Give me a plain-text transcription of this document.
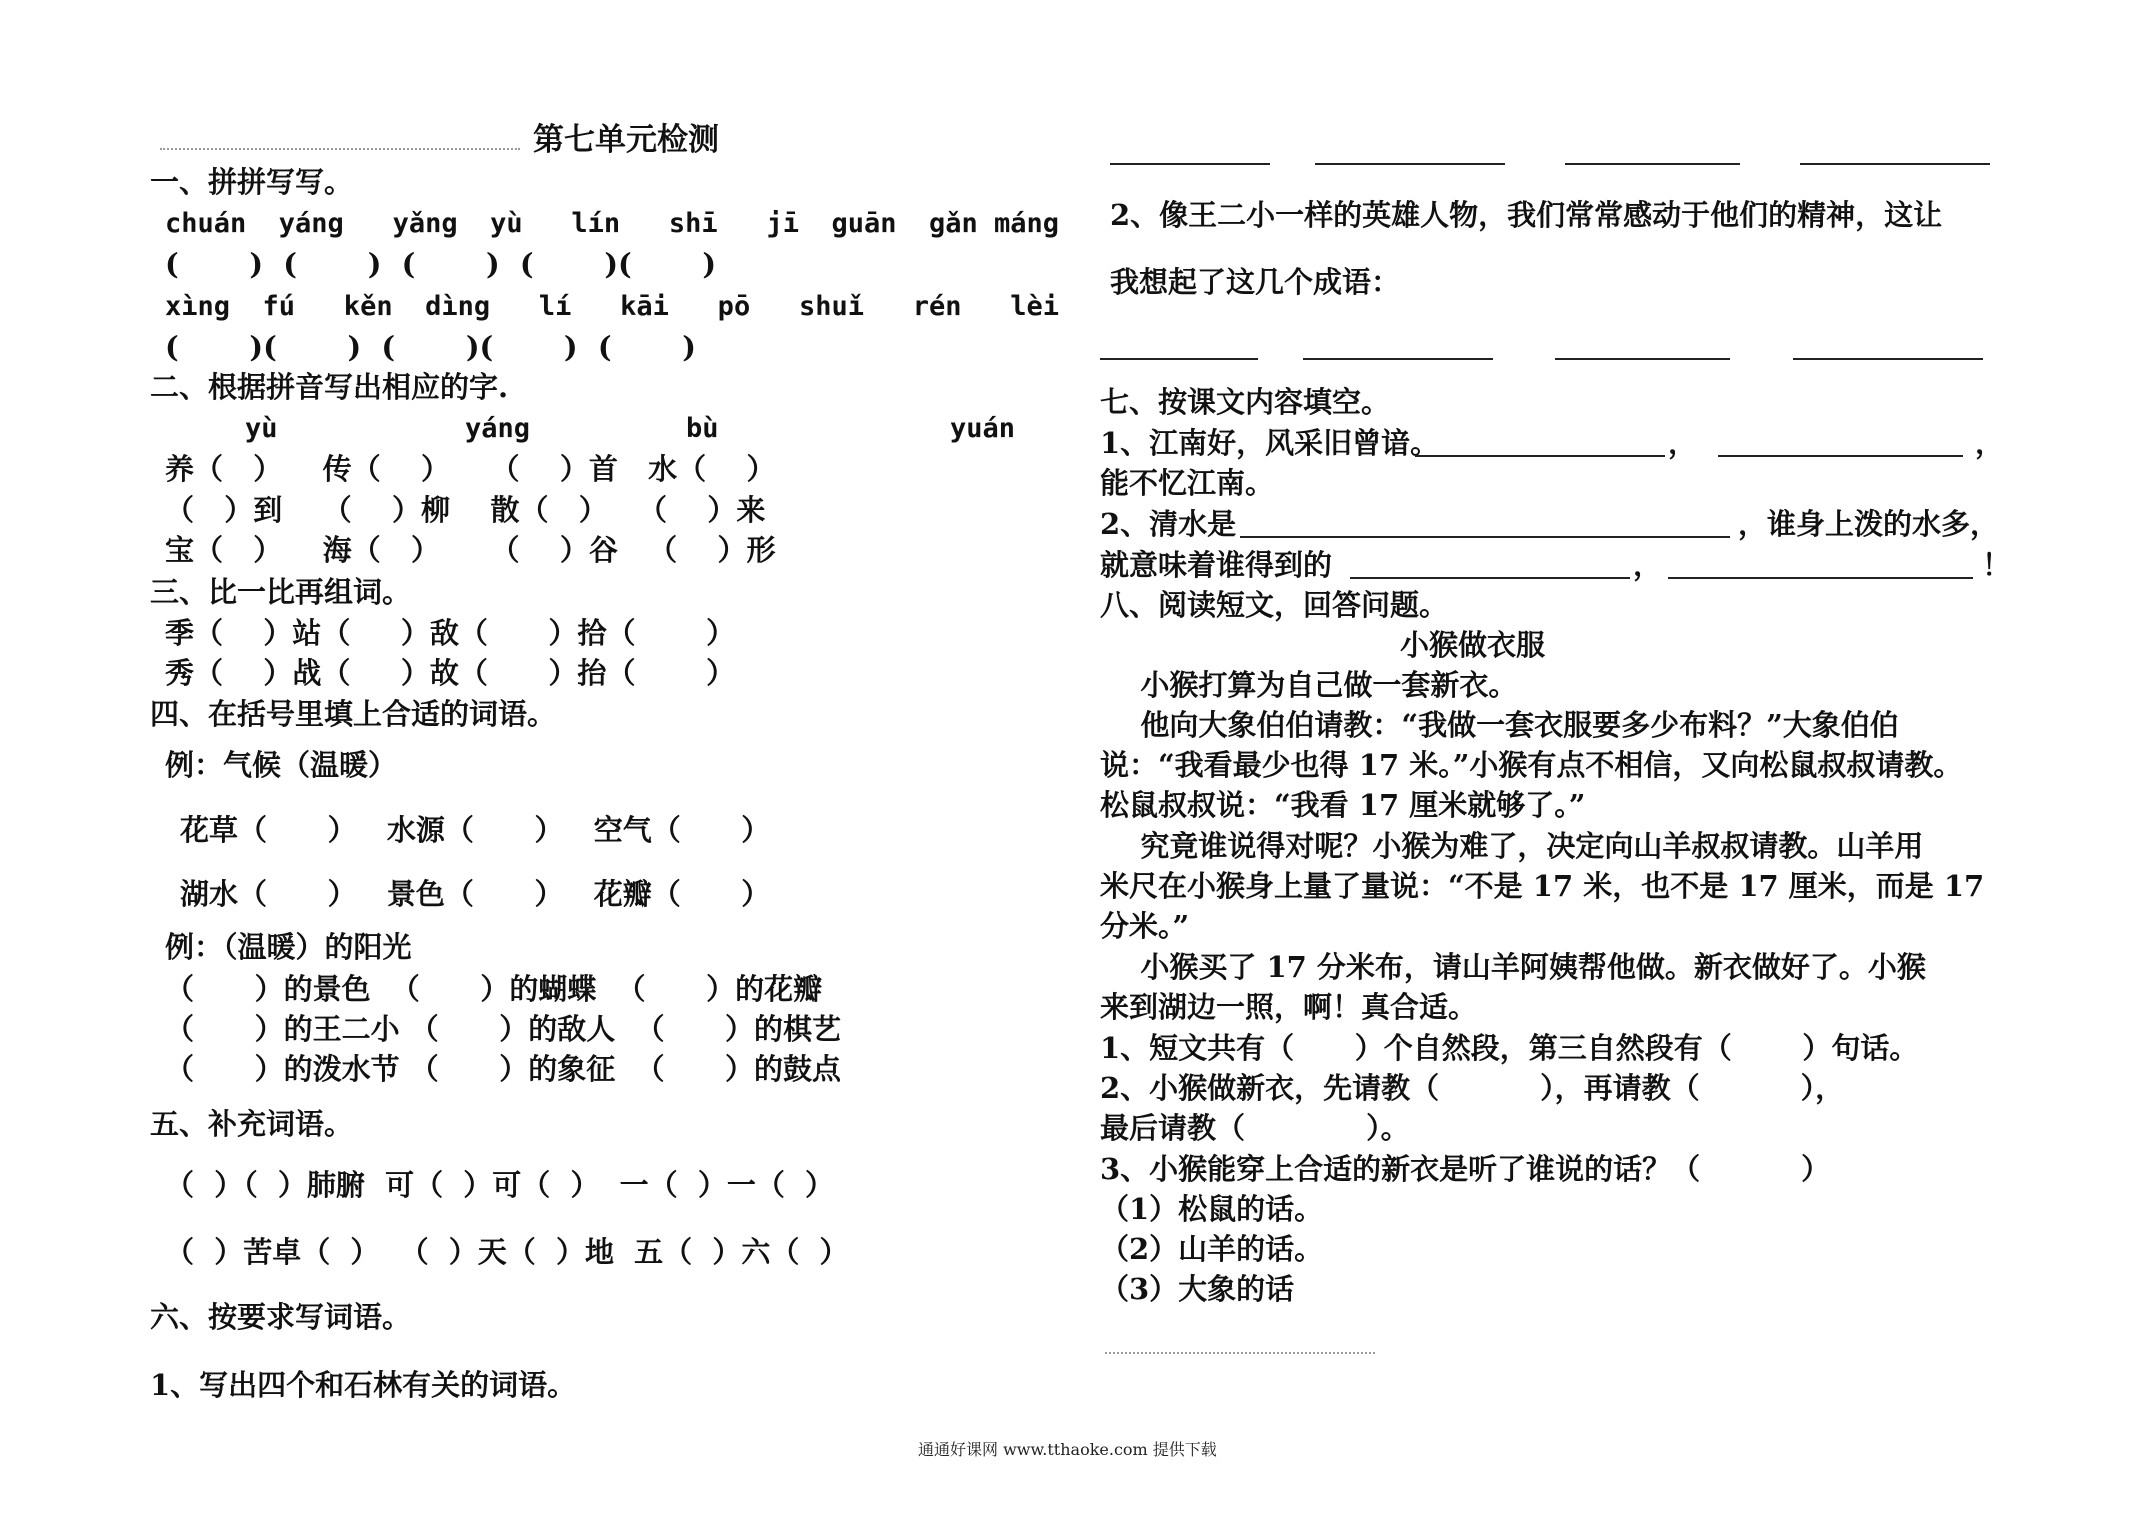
第七单元检测
一、拼拼写写。
chuán  yáng   yǎng  yù   lín   shī   jī  guān  gǎn máng
(       )  (       )  (       )  (       )(       )
xìng  fú   kěn  dìng   lí   kāi   pō   shuǐ   rén   lèi
(       )(       )  (       )(       )  (       )
二、根据拼音写出相应的字.
yù	yáng	bù	yuán
养（   ）    传（    ）    （    ）首   水（    ）
（   ）到    （    ）柳    散（   ）   （    ）来
宝（   ）    海（   ）     （    ）谷   （    ）形
三、比一比再组词。
季（    ）站（     ）敌（      ）拾（       ）
秀（    ）战（     ）故（      ）抬（       ）
四、在括号里填上合适的词语。
例：气候（温暖）
花草（      ）   水源（      ）   空气（      ）
湖水（      ）   景色（      ）   花瓣（      ）
例：（温暖）的阳光
（      ）的景色  （      ）的蝴蝶  （      ）的花瓣
（      ）的王二小 （      ）的敌人  （      ）的棋艺
（      ）的泼水节 （      ）的象征  （      ）的鼓点
五、补充词语。
（  ）（  ）肺腑  可（  ）可（  ）  一（  ）一（  ）
（  ）苦卓（  ）  （  ）天（  ）地  五（  ）六（  ）
六、按要求写词语。
1、写出四个和石林有关的词语。
2、像王二小一样的英雄人物，我们常常感动于他们的精神，这让
我想起了这几个成语：
七、按课文内容填空。
1、江南好，风采旧曾谙。	，	，
能不忆江南。
2、清水是	，谁身上泼的水多，
就意味着谁得到的	，	！
八、阅读短文，回答问题。
小猴做衣服
小猴打算为自己做一套新衣。
他向大象伯伯请教：“我做一套衣服要多少布料？”大象伯伯
说：“我看最少也得 17 米。”小猴有点不相信，又向松鼠叔叔请教。
松鼠叔叔说：“我看 17 厘米就够了。”
究竟谁说得对呢？小猴为难了，决定向山羊叔叔请教。山羊用
米尺在小猴身上量了量说：“不是 17 米，也不是 17 厘米，而是 17
分米。”
小猴买了 17 分米布，请山羊阿姨帮他做。新衣做好了。小猴
来到湖边一照，啊！真合适。
1、短文共有（      ）个自然段，第三自然段有（       ）句话。
2、小猴做新衣，先请教（          ），再请教（          ），
最后请教（            ）。
3、小猴能穿上合适的新衣是听了谁说的话？（          ）
（1）松鼠的话。
（2）山羊的话。
（3）大象的话
通通好课网 www.tthaoke.com 提供下载
